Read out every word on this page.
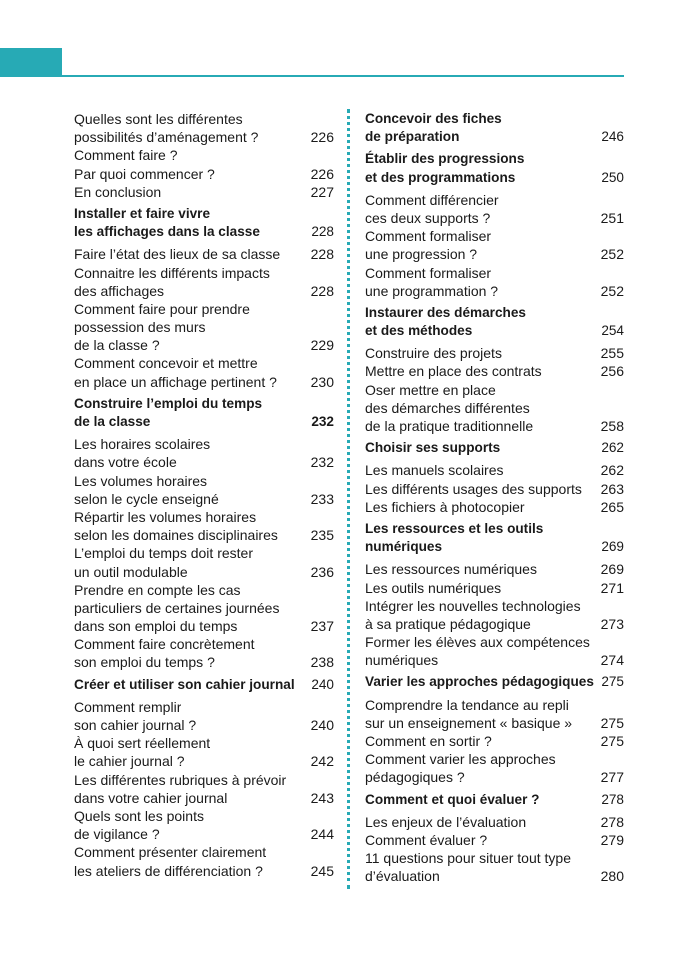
Quelles sont les différentes
possibilités d’aménagement ?	226
Comment faire ?
Par quoi commencer ?	226
En conclusion	227
Installer et faire vivre
les affichages dans la classe	228
Faire l’état des lieux de sa classe 228
Connaitre les différents impacts
des affichages	228
Comment faire pour prendre
possession des murs
de la classe ?	229
Comment concevoir et mettre
en place un affichage pertinent ? 230
Construire l’emploi du temps
de la classe	232
Les horaires scolaires
dans votre école	232
Les volumes horaires
selon le cycle enseigné	233
Répartir les volumes horaires
selon les domaines disciplinaires 235
L’emploi du temps doit rester
un outil modulable	236
Prendre en compte les cas
particuliers de certaines journées
dans son emploi du temps	237
Comment faire concrètement
son emploi du temps ?	238
Créer et utiliser son cahier journal 240
Comment remplir
son cahier journal ?	240
À quoi sert réellement
le cahier journal ?	242
Les différentes rubriques à prévoir
dans votre cahier journal	243
Quels sont les points
de vigilance ?	244
Comment présenter clairement
les ateliers de différenciation ?	245
Concevoir des fiches
de préparation	246
Établir des progressions
et des programmations	250
Comment différencier
ces deux supports ?	251
Comment formaliser
une progression ?	252
Comment formaliser
une programmation ?	252
Instaurer des démarches
et des méthodes	254
Construire des projets	255
Mettre en place des contrats	256
Oser mettre en place
des démarches différentes
de la pratique traditionnelle	258
Choisir ses supports	262
Les manuels scolaires	262
Les différents usages des supports 263
Les fichiers à photocopier	265
Les ressources et les outils
numériques	269
Les ressources numériques	269
Les outils numériques	271
Intégrer les nouvelles technologies
à sa pratique pédagogique	273
Former les élèves aux compétences
numériques	274
Varier les approches pédagogiques 275
Comprendre la tendance au repli
sur un enseignement « basique » 275
Comment en sortir ?	275
Comment varier les approches
pédagogiques ?	277
Comment et quoi évaluer ?	278
Les enjeux de l’évaluation	278
Comment évaluer ?	279
11 questions pour situer tout type
d’évaluation	280
